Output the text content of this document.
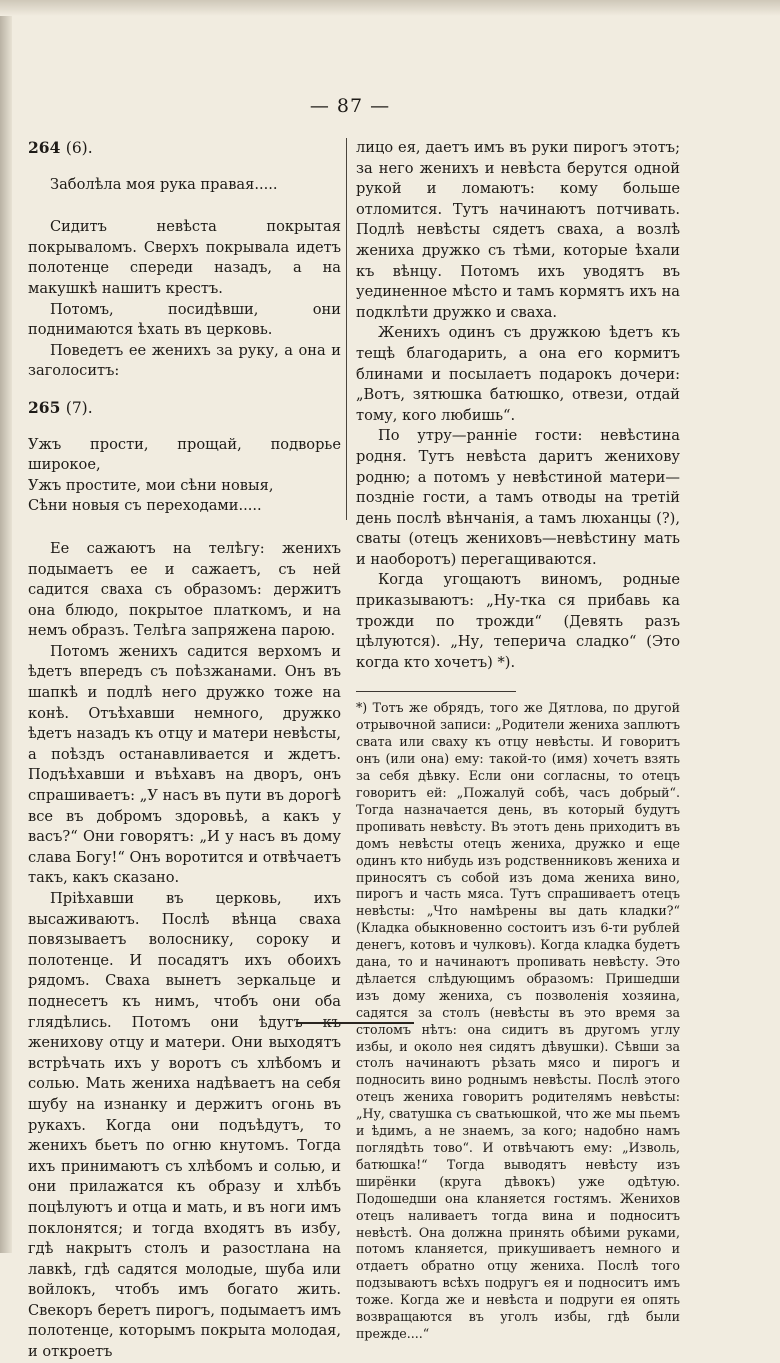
— 87 —

264 (6).

Заболѣла моя рука правая.....

Сидитъ невѣста покрытая покрываломъ. Сверхъ покрывала идетъ полотенце спереди назадъ, а на макушкѣ нашитъ крестъ.

Потомъ, посидѣвши, они поднимаются ѣхать въ церковь.

Поведетъ ее женихъ за руку, а она и заголоситъ:

265 (7).

Ужъ прости, прощай, подворье широкое,

Ужъ простите, мои сѣни новыя,

Сѣни новыя съ переходами.....

Ее сажаютъ на телѣгу: женихъ подымаетъ ее и сажаетъ, съ ней садится сваха съ образомъ: держитъ она блюдо, покрытое платкомъ, и на немъ образъ. Телѣга запряжена парою.

Потомъ женихъ садится верхомъ и ѣдетъ впередъ съ поѣзжанами. Онъ въ шапкѣ и подлѣ него дружко тоже на конѣ. Отъѣхавши немного, дружко ѣдетъ назадъ къ отцу и матери невѣсты, а поѣздъ останавливается и ждетъ. Подъѣхавши и въѣхавъ на дворъ, онъ спрашиваетъ: „У насъ въ пути въ дорогѣ все въ добромъ здоровьѣ, а какъ у васъ?“ Они говорятъ: „И у насъ въ дому слава Богу!“ Онъ воротится и отвѣчаетъ такъ, какъ сказано.

Пріѣхавши въ церковь, ихъ высаживаютъ. Послѣ вѣнца сваха повязываетъ волоснику, сороку и полотенце. И посадятъ ихъ обоихъ рядомъ. Сваха вынетъ зеркальце и поднесетъ къ нимъ, чтобъ они оба глядѣлись. Потомъ они ѣдутъ къ женихову отцу и матери. Они выходятъ встрѣчать ихъ у воротъ съ хлѣбомъ и солью. Мать жениха надѣваетъ на себя шубу на изнанку и держитъ огонь въ рукахъ. Когда они подъѣдутъ, то женихъ бьетъ по огню кнутомъ. Тогда ихъ принимаютъ съ хлѣбомъ и солью, и они прилажатся къ образу и хлѣбъ поцѣлуютъ и отца и мать, и въ ноги имъ поклонятся; и тогда входятъ въ избу, гдѣ накрытъ столъ и разостлана на лавкѣ, гдѣ садятся молодые, шуба или войлокъ, чтобъ имъ богато жить. Свекоръ беретъ пирогъ, подымаетъ имъ полотенце, которымъ покрыта молодая, и откроетъ

лицо ея, даетъ имъ въ руки пирогъ этотъ; за него женихъ и невѣста берутся одной рукой и ломаютъ: кому больше отломится. Тутъ начинаютъ потчивать. Подлѣ невѣсты сядетъ сваха, а возлѣ жениха дружко съ тѣми, которые ѣхали къ вѣнцу. Потомъ ихъ уводятъ въ уединенное мѣсто и тамъ кормятъ ихъ на подклѣти дружко и сваха.

Женихъ одинъ съ дружкою ѣдетъ къ тещѣ благодарить, а она его кормитъ блинами и посылаетъ подарокъ дочери: „Вотъ, зятюшка батюшко, отвези, отдай тому, кого любишь“.

По утру—ранніе гости: невѣстина родня. Тутъ невѣста даритъ женихову родню; а потомъ у невѣстиной матери—поздніе гости, а тамъ отводы на третій день послѣ вѣнчанія, а тамъ люханцы (?), сваты (отецъ жениховъ—невѣстину мать и наоборотъ) перегащиваются.

Когда угощаютъ виномъ, родные приказываютъ: „Ну-тка ся прибавь ка трожди по трожди“ (Девять разъ цѣлуются). „Ну, теперича сладко“ (Это когда кто хочетъ) *).

*) Тотъ же обрядъ, того же Дятлова, по другой отрывочной записи: „Родители жениха заплютъ свата или сваху къ отцу невѣсты. И говоритъ онъ (или она) ему: такой-то (имя) хочетъ взять за себя дѣвку. Если они согласны, то отецъ говоритъ ей: „Пожалуй собѣ, часъ добрый“. Тогда назначается день, въ который будутъ пропивать невѣсту. Въ этотъ день приходитъ въ домъ невѣсты отецъ жениха, дружко и еще одинъ кто нибудь изъ родственниковъ жениха и приносятъ съ собой изъ дома жениха вино, пирогъ и часть мяса. Тутъ спрашиваетъ отецъ невѣсты: „Что намѣрены вы дать кладки?“ (Кладка обыкновенно состоитъ изъ 6-ти рублей денегъ, котовъ и чулковъ). Когда кладка будетъ дана, то и начинаютъ пропивать невѣсту. Это дѣлается слѣдующимъ образомъ: Пришедши изъ дому жениха, съ позволенія хозяина, садятся за столъ (невѣсты въ это время за столомъ нѣтъ: она сидитъ въ другомъ углу избы, и около нея сидятъ дѣвушки). Сѣвши за столъ начинаютъ рѣзать мясо и пирогъ и подносить вино роднымъ невѣсты. Послѣ этого отецъ жениха говоритъ родителямъ невѣсты: „Ну, сватушка съ сватьюшкой, что же мы пьемъ и ѣдимъ, а не знаемъ, за кого; надобно намъ поглядѣть тово“. И отвѣчаютъ ему: „Изволь, батюшка!“ Тогда выводятъ невѣсту изъ ширёнки (круга дѣвокъ) уже одѣтую. Подошедши она кланяется гостямъ. Женихов отецъ наливаетъ тогда вина и подноситъ невѣстѣ. Она должна принять обѣими руками, потомъ кланяется, прикушиваетъ немного и отдаетъ обратно отцу жениха. Послѣ того подзываютъ всѣхъ подругъ ея и подноситъ имъ тоже. Когда же и невѣста и подруги ея опять возвращаются въ уголъ избы, гдѣ были прежде....“
